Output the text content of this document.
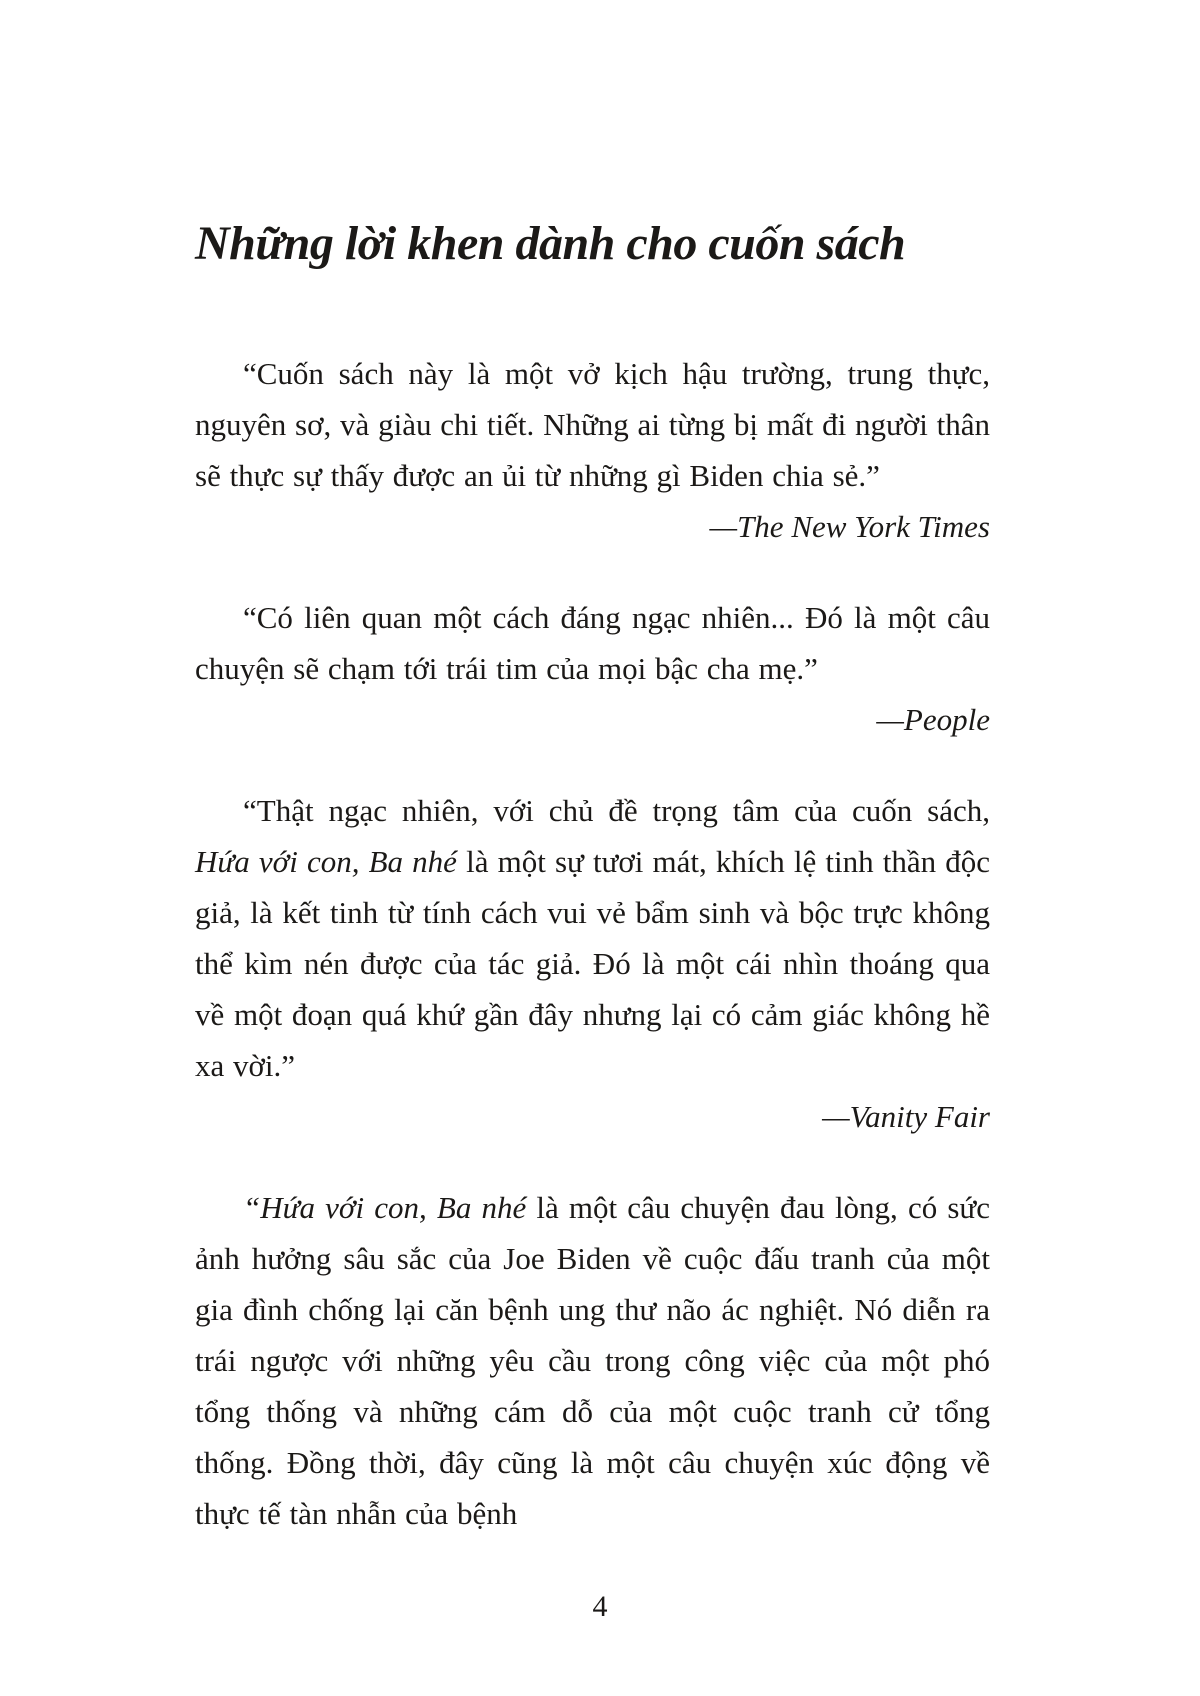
Những lời khen dành cho cuốn sách
“Cuốn sách này là một vở kịch hậu trường, trung thực, nguyên sơ, và giàu chi tiết. Những ai từng bị mất đi người thân sẽ thực sự thấy được an ủi từ những gì Biden chia sẻ.”
—The New York Times
“Có liên quan một cách đáng ngạc nhiên... Đó là một câu chuyện sẽ chạm tới trái tim của mọi bậc cha mẹ.”
—People
“Thật ngạc nhiên, với chủ đề trọng tâm của cuốn sách, Hứa với con, Ba nhé là một sự tươi mát, khích lệ tinh thần độc giả, là kết tinh từ tính cách vui vẻ bẩm sinh và bộc trực không thể kìm nén được của tác giả. Đó là một cái nhìn thoáng qua về một đoạn quá khứ gần đây nhưng lại có cảm giác không hề xa vời.”
—Vanity Fair
“Hứa với con, Ba nhé là một câu chuyện đau lòng, có sức ảnh hưởng sâu sắc của Joe Biden về cuộc đấu tranh của một gia đình chống lại căn bệnh ung thư não ác nghiệt. Nó diễn ra trái ngược với những yêu cầu trong công việc của một phó tổng thống và những cám dỗ của một cuộc tranh cử tổng thống. Đồng thời, đây cũng là một câu chuyện xúc động về thực tế tàn nhẫn của bệnh
4
